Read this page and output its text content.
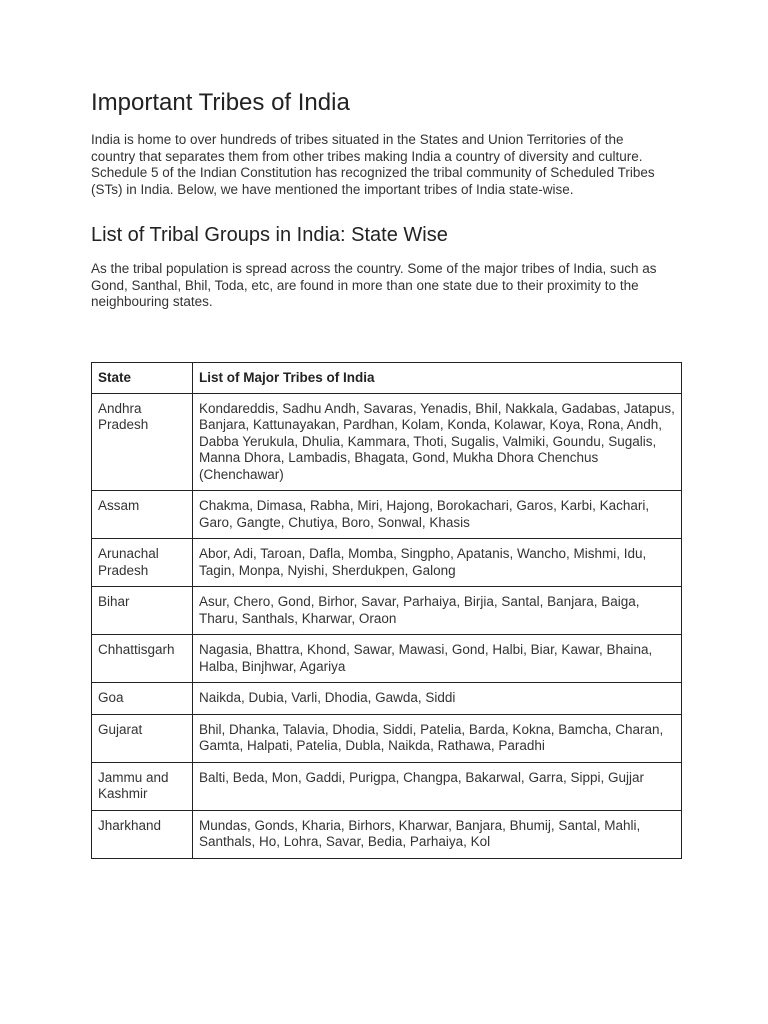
Important Tribes of India

India is home to over hundreds of tribes situated in the States and Union Territories of the country that separates them from other tribes making India a country of diversity and culture. Schedule 5 of the Indian Constitution has recognized the tribal community of Scheduled Tribes (STs) in India. Below, we have mentioned the important tribes of India state-wise.

List of Tribal Groups in India: State Wise

As the tribal population is spread across the country. Some of the major tribes of India, such as Gond, Santhal, Bhil, Toda, etc, are found in more than one state due to their proximity to the neighbouring states.

State	List of Major Tribes of India
Andhra Pradesh	Kondareddis, Sadhu Andh, Savaras, Yenadis, Bhil, Nakkala, Gadabas, Jatapus, Banjara, Kattunayakan, Pardhan, Kolam, Konda, Kolawar, Koya, Rona, Andh, Dabba Yerukula, Dhulia, Kammara, Thoti, Sugalis, Valmiki, Goundu, Sugalis, Manna Dhora, Lambadis, Bhagata, Gond, Mukha Dhora Chenchus (Chenchawar)
Assam	Chakma, Dimasa, Rabha, Miri, Hajong, Borokachari, Garos, Karbi, Kachari, Garo, Gangte, Chutiya, Boro, Sonwal, Khasis
Arunachal Pradesh	Abor, Adi, Taroan, Dafla, Momba, Singpho, Apatanis, Wancho, Mishmi, Idu, Tagin, Monpa, Nyishi, Sherdukpen, Galong
Bihar	Asur, Chero, Gond, Birhor, Savar, Parhaiya, Birjia, Santal, Banjara, Baiga, Tharu, Santhals, Kharwar, Oraon
Chhattisgarh	Nagasia, Bhattra, Khond, Sawar, Mawasi, Gond, Halbi, Biar, Kawar, Bhaina, Halba, Binjhwar, Agariya
Goa	Naikda, Dubia, Varli, Dhodia, Gawda, Siddi
Gujarat	Bhil, Dhanka, Talavia, Dhodia, Siddi, Patelia, Barda, Kokna, Bamcha, Charan, Gamta, Halpati, Patelia, Dubla, Naikda, Rathawa, Paradhi
Jammu and Kashmir	Balti, Beda, Mon, Gaddi, Purigpa, Changpa, Bakarwal, Garra, Sippi, Gujjar
Jharkhand	Mundas, Gonds, Kharia, Birhors, Kharwar, Banjara, Bhumij, Santal, Mahli, Santhals, Ho, Lohra, Savar, Bedia, Parhaiya, Kol
